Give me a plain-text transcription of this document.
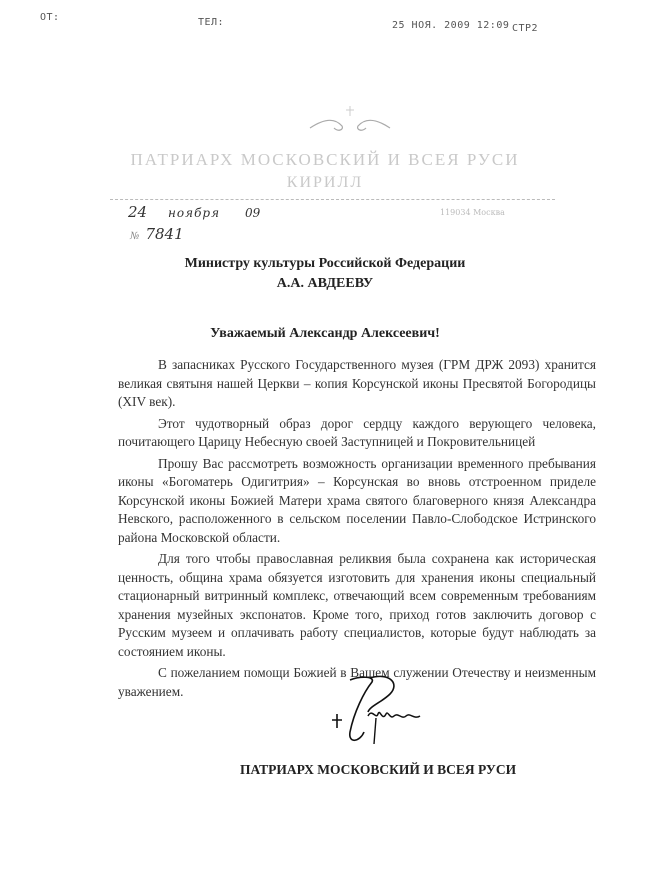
ОТ:	ТЕЛ:	25 НОЯ. 2009 12:09 СТР2
ПАТРИАРХ МОСКОВСКИЙ И ВСЕЯ РУСИ
КИРИЛЛ
24 ноября 09
№ 7841
119034 Москва
Министру культуры Российской Федерации
А.А. АВДЕЕВУ
Уважаемый Александр Алексеевич!

В запасниках Русского Государственного музея (ГРМ ДРЖ 2093) хранится великая святыня нашей Церкви – копия Корсунской иконы Пресвятой Богородицы (XIV век).

Этот чудотворный образ дорог сердцу каждого верующего человека, почитающего Царицу Небесную своей Заступницей и Покровительницей

Прошу Вас рассмотреть возможность организации временного пребывания иконы «Богоматерь Одигитрия» – Корсунская во вновь отстроенном приделе Корсунской иконы Божией Матери храма святого благоверного князя Александра Невского, расположенного в сельском поселении Павло-Слободское Истринского района Московской области.

Для того чтобы православная реликвия была сохранена как историческая ценность, община храма обязуется изготовить для хранения иконы специальный стационарный витринный комплекс, отвечающий всем современным требованиям хранения музейных экспонатов. Кроме того, приход готов заключить договор с Русским музеем и оплачивать работу специалистов, которые будут наблюдать за состоянием иконы.

С пожеланием помощи Божией в Вашем служении Отечеству и неизменным уважением.

ПАТРИАРХ МОСКОВСКИЙ И ВСЕЯ РУСИ
